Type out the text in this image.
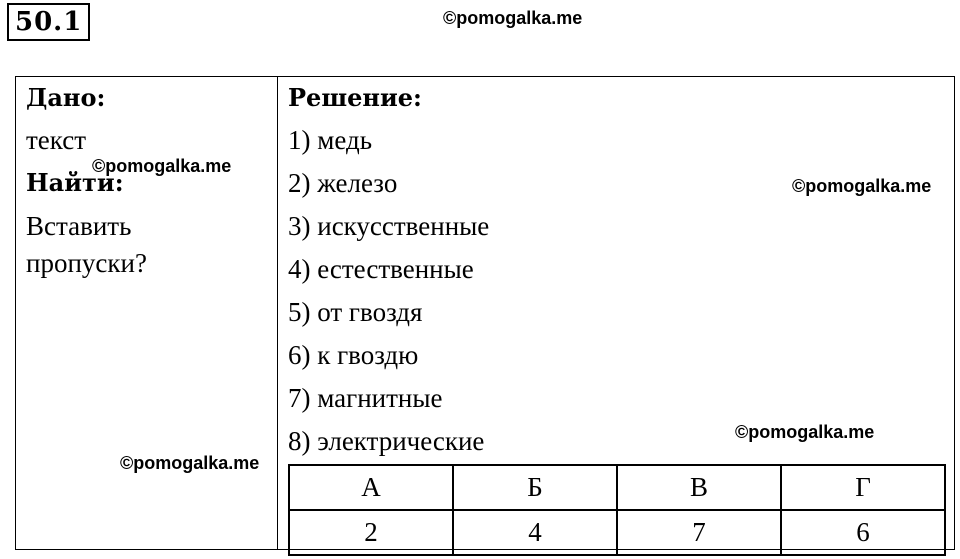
50.1	©pomogalka.me
©pomogalka.me
©pomogalka.me
©pomogalka.me
©pomogalka.me
Дано:
текст
Найти:
Вставить
пропуски?
Решение:
1) медь
2) железо
3) искусственные
4) естественные
5) от гвоздя
6) к гвоздю
7) магнитные
8) электрические
А	Б	В	Г
2	4	7	6
